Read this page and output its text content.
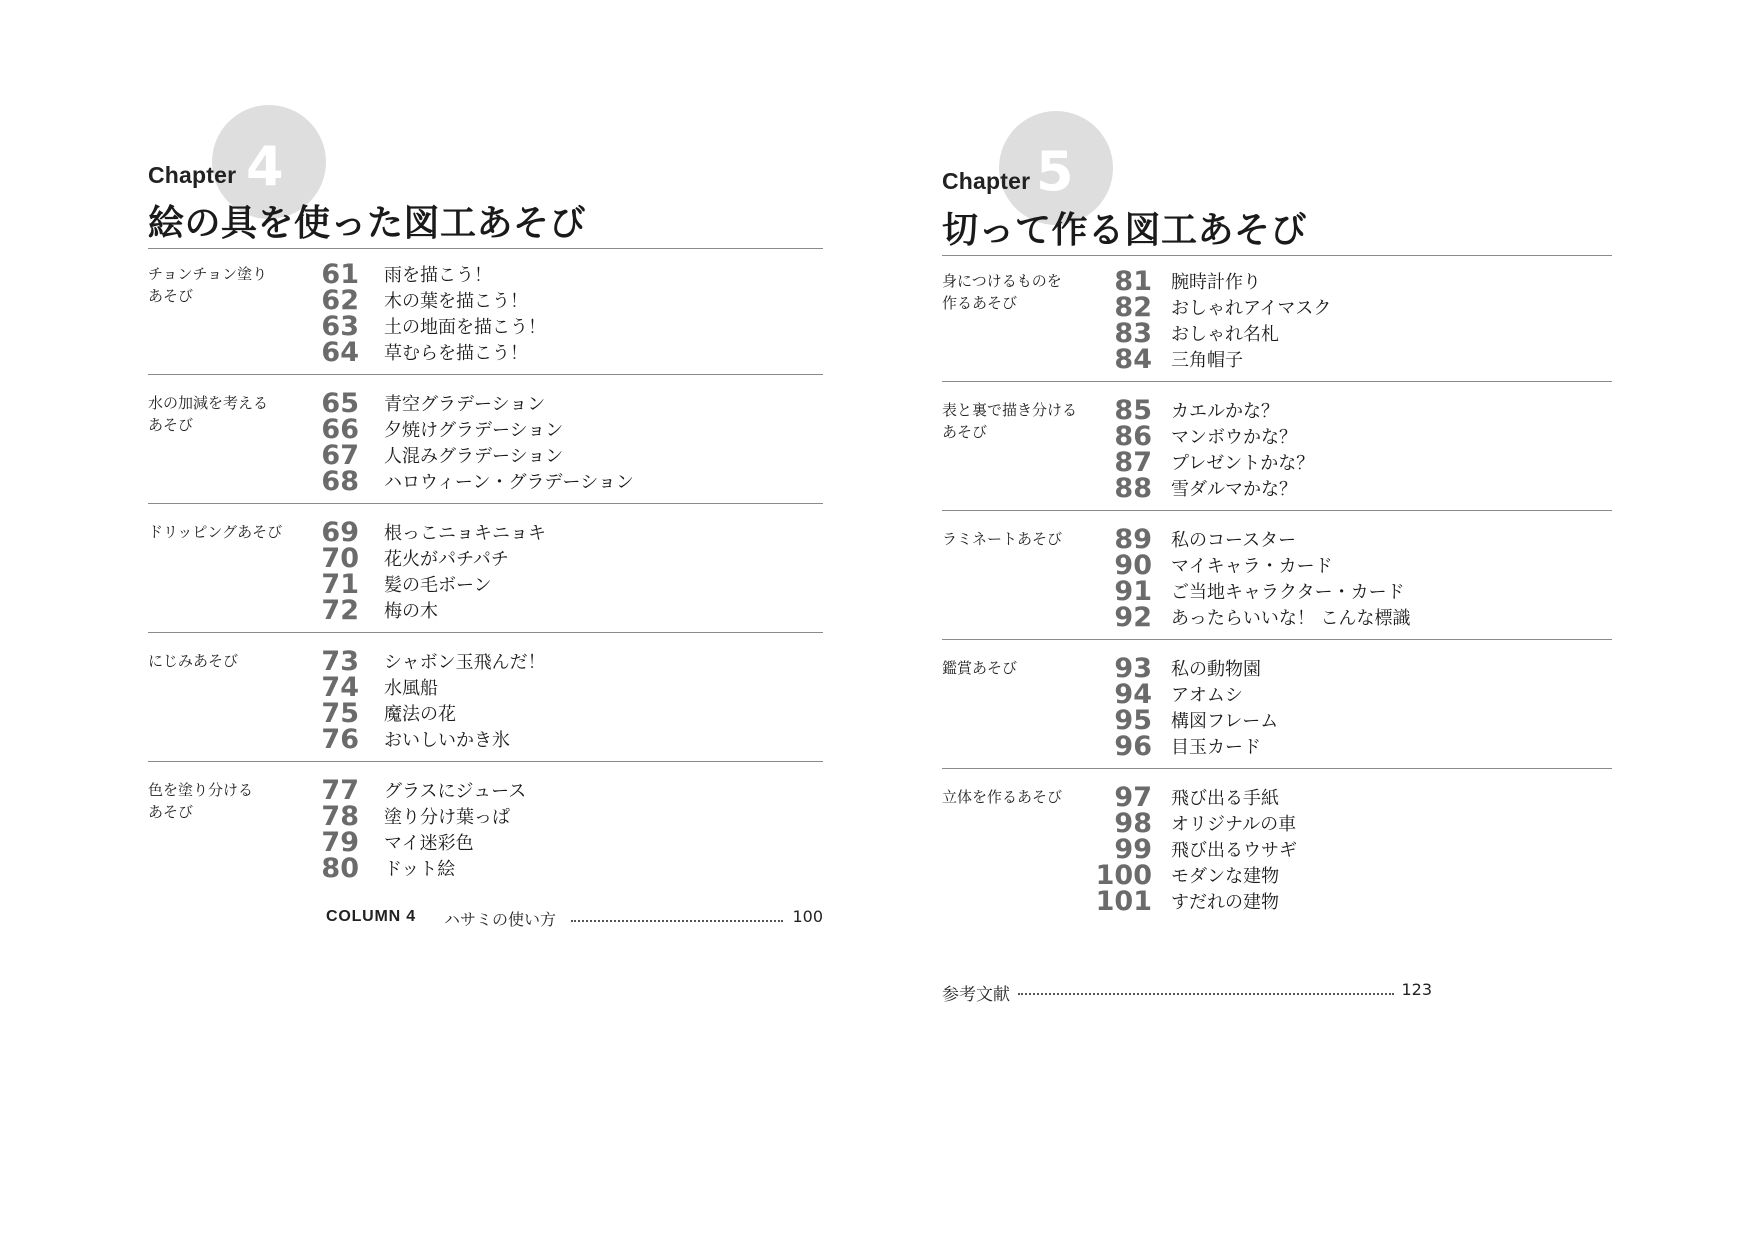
Chapter 4
絵の具を使った図工あそび
チョンチョン塗り
あそび
61 雨を描こう！
62 木の葉を描こう！
63 土の地面を描こう！
64 草むらを描こう！
水の加減を考える
あそび
65 青空グラデーション
66 夕焼けグラデーション
67 人混みグラデーション
68 ハロウィーン・グラデーション
ドリッピングあそび	69 根っこニョキニョキ
70 花火がパチパチ
71 髪の毛ボーン
72 梅の木
にじみあそび	73 シャボン玉飛んだ！
74 水風船
75 魔法の花
76 おいしいかき氷
色を塗り分ける
あそび
77 グラスにジュース
78 塗り分け葉っぱ
79 マイ迷彩色
80 ドット絵
COLUMN 4 ハサミの使い方	100
Chapter 5
切って作る図工あそび
身につけるものを
作るあそび
81 腕時計作り
82 おしゃれアイマスク
83 おしゃれ名札
84 三角帽子
表と裏で描き分ける
あそび
85 カエルかな？
86 マンボウかな？
87 プレゼントかな？
88 雪ダルマかな？
ラミネートあそび	89 私のコースター
90 マイキャラ・カード
91 ご当地キャラクター・カード
92 あったらいいな！ こんな標識
鑑賞あそび	93 私の動物園
94 アオムシ
95 構図フレーム
96 目玉カード
立体を作るあそび	97 飛び出る手紙
98 オリジナルの車
99 飛び出るウサギ
100 モダンな建物
101 すだれの建物
参考文献	123
